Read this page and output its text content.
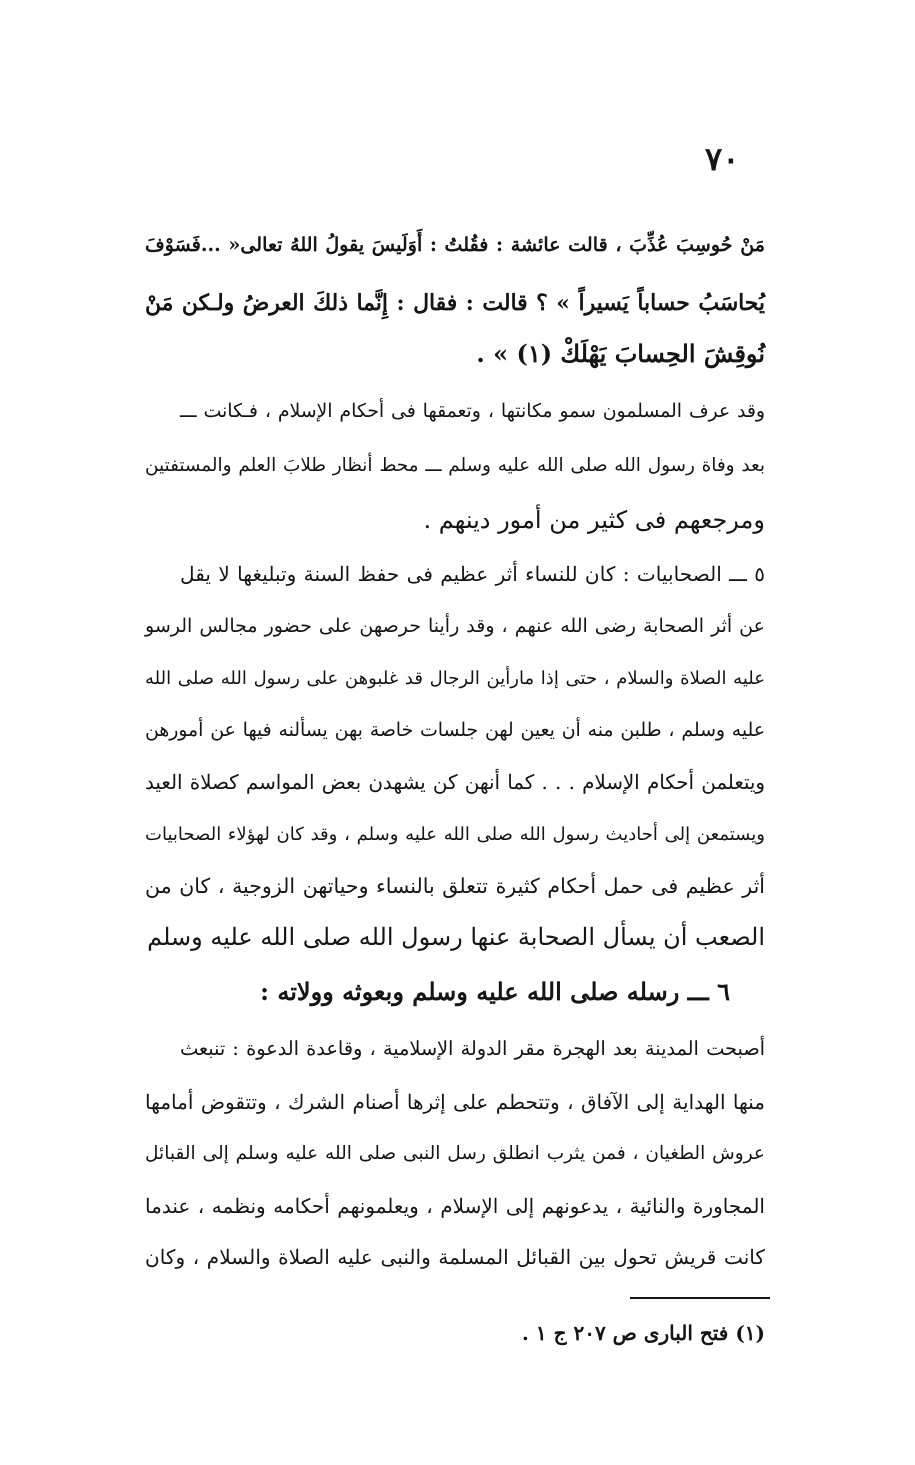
٧٠
مَنْ حُوسِبَ عُذِّبَ ، قالت عائشة : فقُلتُ : أَوَلَيسَ يقولُ اللهُ تعالى« ...فَسَوْفَ
يُحاسَبُ حساباً يَسيراً » ؟ قالت : فقال : إِنَّما ذلكَ العرضُ ولـكن مَنْ
نُوقِشَ الحِسابَ يَهْلَكْ (١) » .
وقد عرف المسلمون سمو مكانتها ، وتعمقها فى أحكام الإسلام ، فـكانت ـــ
بعد وفاة رسول الله صلى الله عليه وسلم ـــ محط أنظار طلابَ العلم والمستفتين
ومرجعهم فى كثير من أمور دينهم .
٥ ـــ الصحابيات : كان للنساء أثر عظيم فى حفظ السنة وتبليغها لا يقل
عن أثر الصحابة رضى الله عنهم ، وقد رأينا حرصهن على حضور مجالس الرسو
عليه الصلاة والسلام ، حتى إذا مارأين الرجال قد غلبوهن على رسول الله صلى الله
عليه وسلم ، طلبن منه أن يعين لهن جلسات خاصة بهن يسألنه فيها عن أمورهن
ويتعلمن أحكام الإسلام . . . كما أنهن كن يشهدن بعض المواسم كصلاة العيد
ويستمعن إلى أحاديث رسول الله صلى الله عليه وسلم ، وقد كان لهؤلاء الصحابيات
أثر عظيم فى حمل أحكام كثيرة تتعلق بالنساء وحياتهن الزوجية ، كان من
الصعب أن يسأل الصحابة عنها رسول الله صلى الله عليه وسلم
٦ ـــ رسله صلى الله عليه وسلم وبعوثه وولاته :
أصبحت المدينة بعد الهجرة مقر الدولة الإسلامية ، وقاعدة الدعوة : تنبعث
منها الهداية إلى الآفاق ، وتتحطم على إثرها أصنام الشرك ، وتتقوض أمامها
عروش الطغيان ، فمن يثرب انطلق رسل النبى صلى الله عليه وسلم إلى القبائل
المجاورة والنائية ، يدعونهم إلى الإسلام ، ويعلمونهم أحكامه ونظمه ، عندما
كانت قريش تحول بين القبائل المسلمة والنبى عليه الصلاة والسلام ، وكان
(١) فتح البارى ص ٢٠٧ ج ١ .
